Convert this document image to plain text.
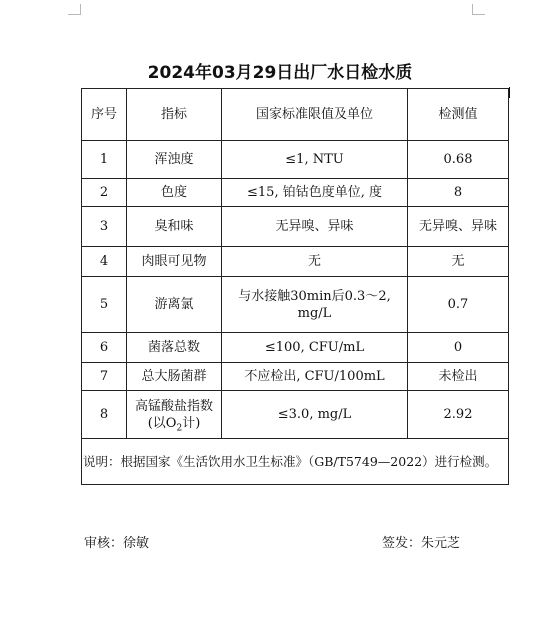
2024年03月29日出厂水日检水质
序号	指标	国家标准限值及单位	检测值
1	浑浊度	≤1, NTU	0.68
2	色度	≤15, 铂钴色度单位, 度	8
3	臭和味	无异嗅、异味	无异嗅、异味
4	肉眼可见物	无	无
5	游离氯	与水接触30min后0.3～2,
mg/L	0.7
6	菌落总数	≤100, CFU/mL	0
7	总大肠菌群	不应检出, CFU/100mL	未检出
8	高锰酸盐指数
(以$O_2$计)	≤3.0, mg/L	2.92
说明：根据国家《生活饮用水卫生标准》（GB/T5749—2022）进行检测。			
审核：徐敏	签发：朱元芝
